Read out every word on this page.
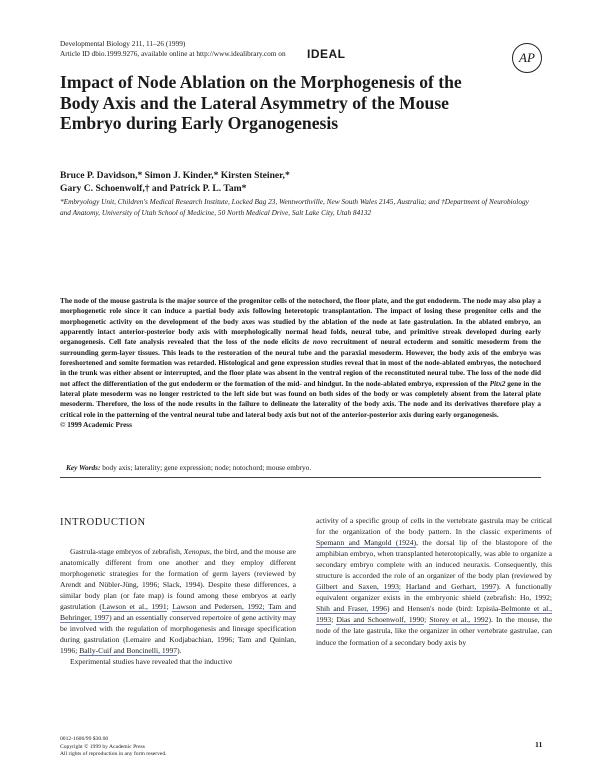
Developmental Biology 211, 11–26 (1999)
Article ID dbio.1999.9276, available online at http://www.idealibrary.com on IDEAL	AP
Impact of Node Ablation on the Morphogenesis of the Body Axis and the Lateral Asymmetry of the Mouse Embryo during Early Organogenesis
Bruce P. Davidson,* Simon J. Kinder,* Kirsten Steiner,*
Gary C. Schoenwolf,† and Patrick P. L. Tam*
*Embryology Unit, Children's Medical Research Institute, Locked Bag 23, Wentworthville, New South Wales 2145, Australia; and †Department of Neurobiology and Anatomy, University of Utah School of Medicine, 50 North Medical Drive, Salt Lake City, Utah 84132
The node of the mouse gastrula is the major source of the progenitor cells of the notochord, the floor plate, and the gut endoderm. The node may also play a morphogenetic role since it can induce a partial body axis following heterotopic transplantation. The impact of losing these progenitor cells and the morphogenetic activity on the development of the body axes was studied by the ablation of the node at late gastrulation. In the ablated embryo, an apparently intact anterior-posterior body axis with morphologically normal head folds, neural tube, and primitive streak developed during early organogenesis. Cell fate analysis revealed that the loss of the node elicits de novo recruitment of neural ectoderm and somitic mesoderm from the surrounding germ-layer tissues. This leads to the restoration of the neural tube and the paraxial mesoderm. However, the body axis of the embryo was foreshortened and somite formation was retarded. Histological and gene expression studies reveal that in most of the node-ablated embryos, the notochord in the trunk was either absent or interrupted, and the floor plate was absent in the ventral region of the reconstituted neural tube. The loss of the node did not affect the differentiation of the gut endoderm or the formation of the mid- and hindgut. In the node-ablated embryo, expression of the Pitx2 gene in the lateral plate mesoderm was no longer restricted to the left side but was found on both sides of the body or was completely absent from the lateral plate mesoderm. Therefore, the loss of the node results in the failure to delineate the laterality of the body axis. The node and its derivatives therefore play a critical role in the patterning of the ventral neural tube and lateral body axis but not of the anterior-posterior axis during early organogenesis.
© 1999 Academic Press
Key Words: body axis; laterality; gene expression; node; notochord; mouse embryo.
INTRODUCTION

Gastrula-stage embryos of zebrafish, Xenopus, the bird, and the mouse are anatomically different from one another and they employ different morphogenetic strategies for the formation of germ layers (reviewed by Arendt and Nübler-Jüng, 1996; Slack, 1994). Despite these differences, a similar body plan (or fate map) is found among these embryos at early gastrulation (Lawson et al., 1991; Lawson and Pedersen, 1992; Tam and Behringer, 1997) and an essentially conserved repertoire of gene activity may be involved with the regulation of morphogenesis and lineage specification during gastrulation (Lemaire and Kodjabachian, 1996; Tam and Quinlan, 1996; Bally-Cuif and Boncinelli, 1997).

Experimental studies have revealed that the inductive

activity of a specific group of cells in the vertebrate gastrula may be critical for the organization of the body pattern. In the classic experiments of Spemann and Mangold (1924), the dorsal lip of the blastopore of the amphibian embryo, when transplanted heterotopically, was able to organize a secondary embryo complete with an induced neuraxis. Consequently, this structure is accorded the role of an organizer of the body plan (reviewed by Gilbert and Saxen, 1993; Harland and Gerhart, 1997). A functionally equivalent organizer exists in the embryonic shield (zebrafish: Ho, 1992; Shih and Fraser, 1996) and Hensen's node (bird: Izpisúa-Belmonte et al., 1993; Dias and Schoenwolf, 1990; Storey et al., 1992). In the mouse, the node of the late gastrula, like the organizer in other vertebrate gastrulae, can induce the formation of a secondary body axis by

0012-1606/99 $30.00
Copyright © 1999 by Academic Press
All rights of reproduction in any form reserved.
11
